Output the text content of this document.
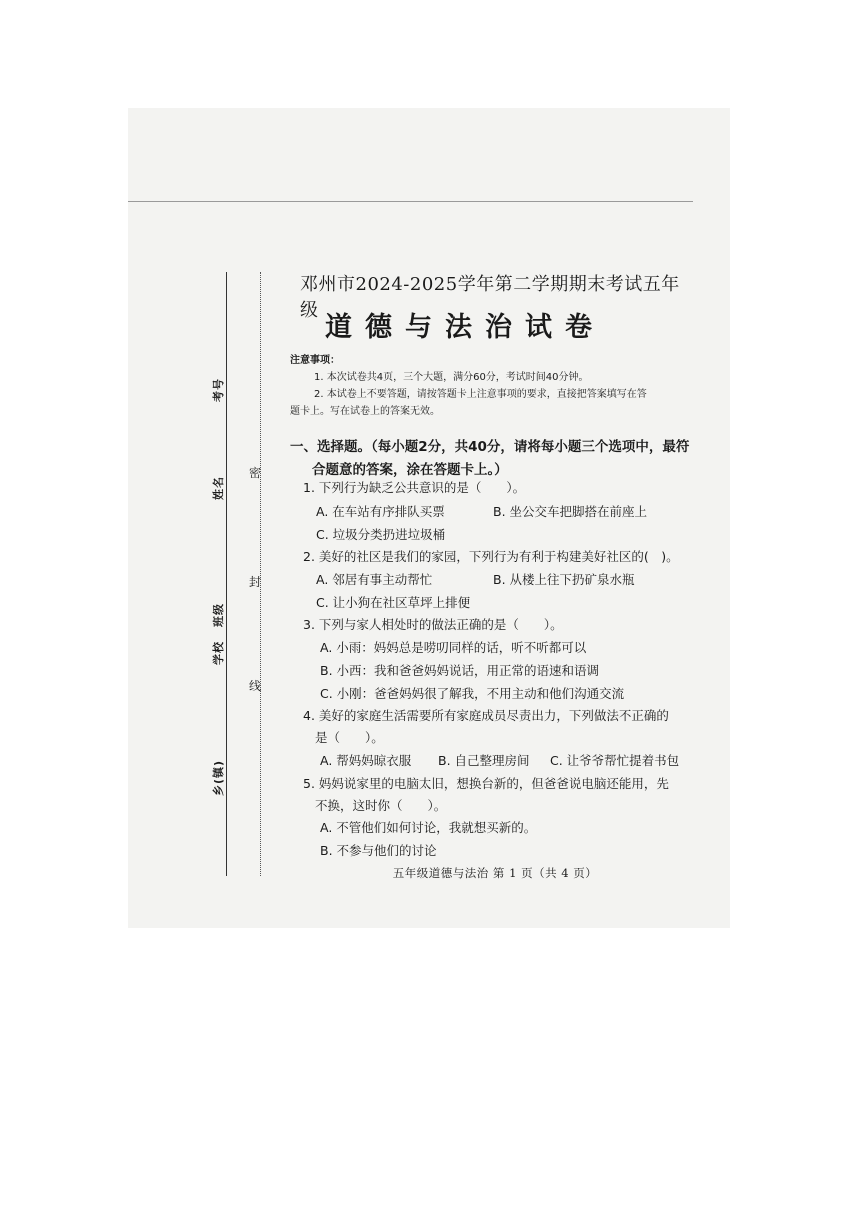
考号
姓名
班级
学校
乡(镇)
密
封
线
邓州市2024-2025学年第二学期期末考试五年级
道德与法治试卷
注意事项：
1. 本次试卷共4页，三个大题，满分60分，考试时间40分钟。
2. 本试卷上不要答题，请按答题卡上注意事项的要求，直接把答案填写在答
题卡上。写在试卷上的答案无效。
一、选择题。（每小题2分，共40分，请将每小题三个选项中，最符
合题意的答案，涂在答题卡上。）
1. 下列行为缺乏公共意识的是（　　）。
A. 在车站有序排队买票	B. 坐公交车把脚搭在前座上
C. 垃圾分类扔进垃圾桶
2. 美好的社区是我们的家园，下列行为有利于构建美好社区的(　)。
A. 邻居有事主动帮忙	B. 从楼上往下扔矿泉水瓶
C. 让小狗在社区草坪上排便
3. 下列与家人相处时的做法正确的是（　　）。
A. 小雨：妈妈总是唠叨同样的话，听不听都可以
B. 小西：我和爸爸妈妈说话，用正常的语速和语调
C. 小刚：爸爸妈妈很了解我，不用主动和他们沟通交流
4. 美好的家庭生活需要所有家庭成员尽责出力，下列做法不正确的
是（　　）。
A. 帮妈妈晾衣服 B. 自己整理房间 C. 让爷爷帮忙提着书包
5. 妈妈说家里的电脑太旧，想换台新的，但爸爸说电脑还能用，先
不换，这时你（　　）。
A. 不管他们如何讨论，我就想买新的。
B. 不参与他们的讨论
五年级道德与法治 第 1 页（共 4 页）
